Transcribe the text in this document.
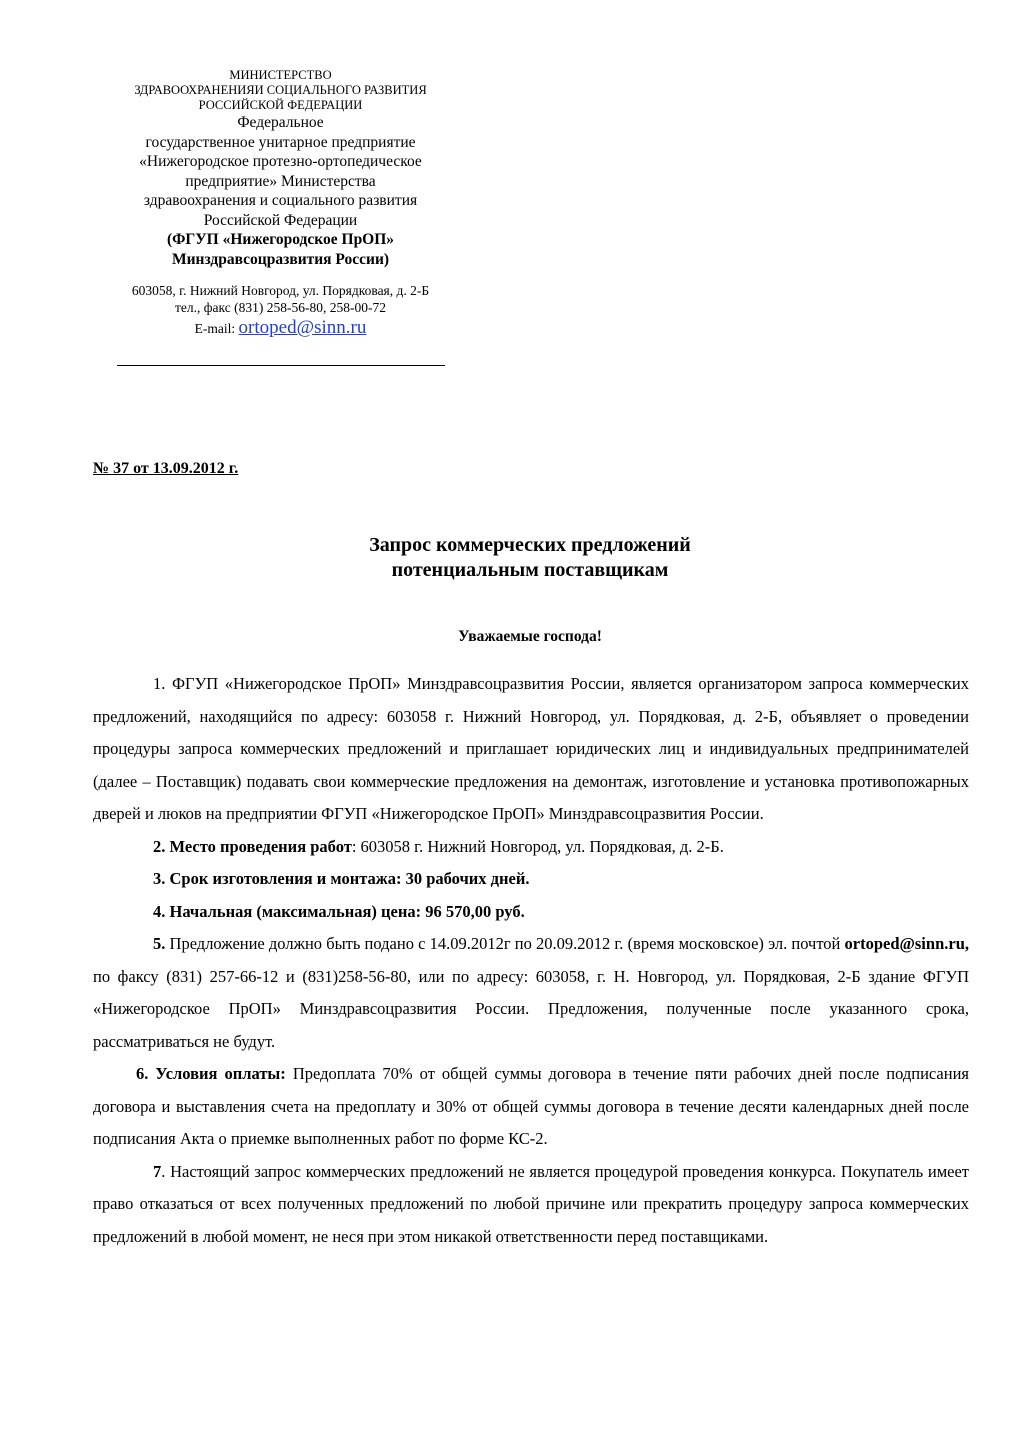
МИНИСТЕРСТВО
ЗДРАВООХРАНЕНИЯИ СОЦИАЛЬНОГО РАЗВИТИЯ
РОССИЙСКОЙ ФЕДЕРАЦИИ
Федеральное
государственное унитарное предприятие
«Нижегородское протезно-ортопедическое
предприятие» Министерства
здравоохранения и социального развития
Российской Федерации
(ФГУП «Нижегородское ПрОП»
Минздравсоцразвития России)
603058, г. Нижний Новгород, ул. Порядковая, д. 2-Б
тел., факс (831) 258-56-80, 258-00-72
E-mail: ortoped@sinn.ru
№ 37 от 13.09.2012 г.
Запрос коммерческих предложений
потенциальным поставщикам
Уважаемые господа!

1. ФГУП «Нижегородское ПрОП» Минздравсоцразвития России, является организатором запроса коммерческих предложений, находящийся по адресу: 603058 г. Нижний Новгород, ул. Порядковая, д. 2-Б, объявляет о проведении процедуры запроса коммерческих предложений и приглашает юридических лиц и индивидуальных предпринимателей (далее – Поставщик) подавать свои коммерческие предложения на демонтаж, изготовление и установка противопожарных дверей и люков на предприятии ФГУП «Нижегородское ПрОП» Минздравсоцразвития России.

2. Место проведения работ: 603058 г. Нижний Новгород, ул. Порядковая, д. 2-Б.

3. Срок изготовления и монтажа: 30 рабочих дней.

4. Начальная (максимальная) цена: 96 570,00 руб.

5. Предложение должно быть подано с 14.09.2012г по 20.09.2012 г. (время московское) эл. почтой ortoped@sinn.ru, по факсу (831) 257-66-12 и (831)258-56-80, или по адресу: 603058, г. Н. Новгород, ул. Порядковая, 2-Б здание ФГУП «Нижегородское ПрОП» Минздравсоцразвития России. Предложения, полученные после указанного срока, рассматриваться не будут.

6. Условия оплаты: Предоплата 70% от общей суммы договора в течение пяти рабочих дней после подписания договора и выставления счета на предоплату и 30% от общей суммы договора в течение десяти календарных дней после подписания Акта о приемке выполненных работ по форме КС-2.

7. Настоящий запрос коммерческих предложений не является процедурой проведения конкурса. Покупатель имеет право отказаться от всех полученных предложений по любой причине или прекратить процедуру запроса коммерческих предложений в любой момент, не неся при этом никакой ответственности перед поставщиками.
